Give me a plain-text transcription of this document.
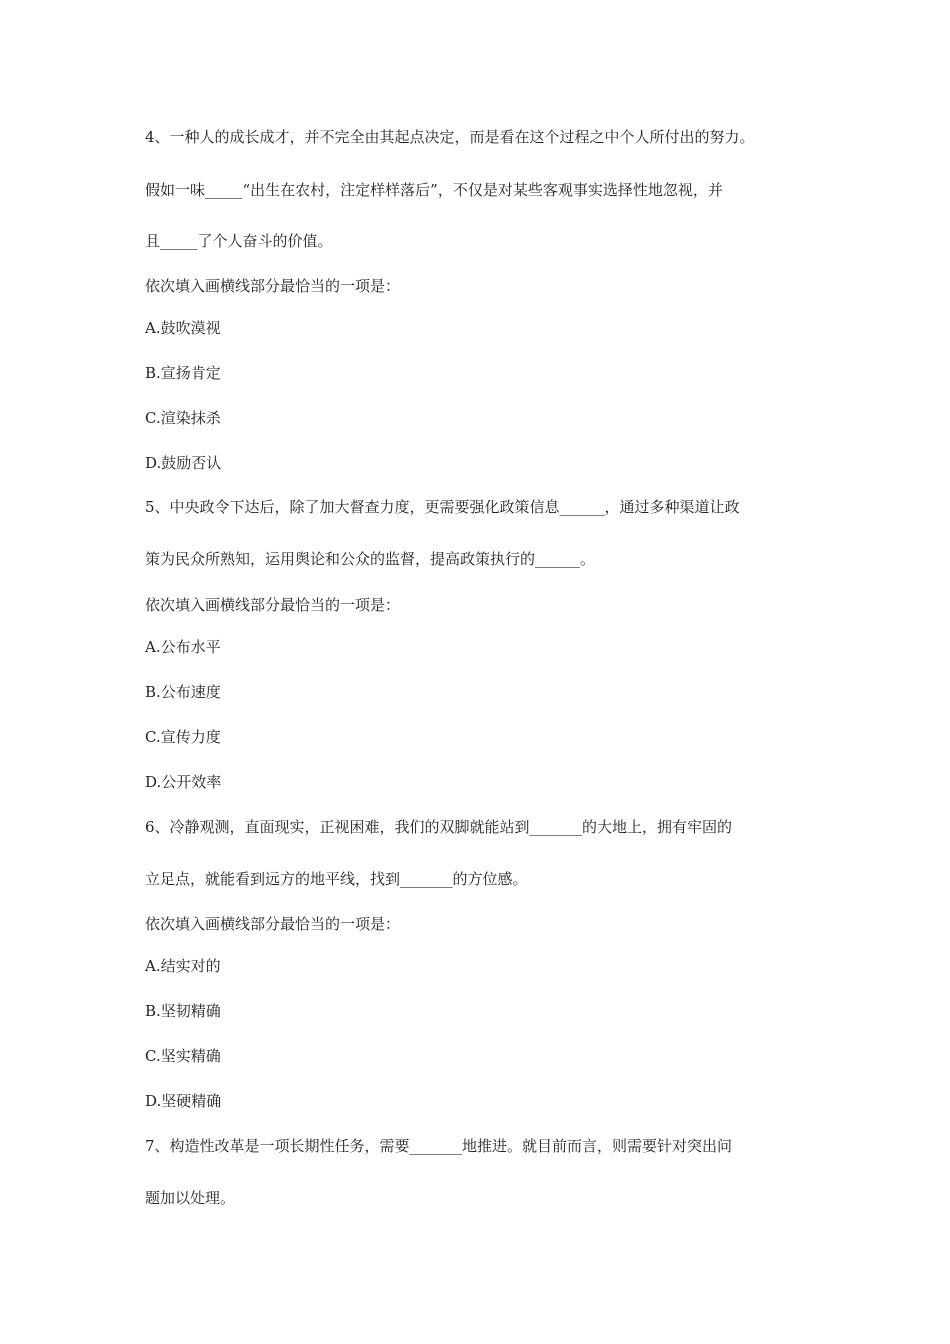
4、一种人的成长成才，并不完全由其起点决定，而是看在这个过程之中个人所付出的努力。
假如一味_____“出生在农村，注定样样落后”，不仅是对某些客观事实选择性地忽视，并
且_____了个人奋斗的价值。
依次填入画横线部分最恰当的一项是：
A.鼓吹漠视
B.宣扬肯定
C.渲染抹杀
D.鼓励否认
5、中央政令下达后，除了加大督查力度，更需要强化政策信息______，通过多种渠道让政
策为民众所熟知，运用舆论和公众的监督，提高政策执行的______。
依次填入画横线部分最恰当的一项是：
A.公布水平
B.公布速度
C.宣传力度
D.公开效率
6、冷静观测，直面现实，正视困难，我们的双脚就能站到_______的大地上，拥有牢固的
立足点，就能看到远方的地平线，找到_______的方位感。
依次填入画横线部分最恰当的一项是：
A.结实对的
B.坚韧精确
C.坚实精确
D.坚硬精确
7、构造性改革是一项长期性任务，需要_______地推进。就目前而言，则需要针对突出问
题加以处理。
